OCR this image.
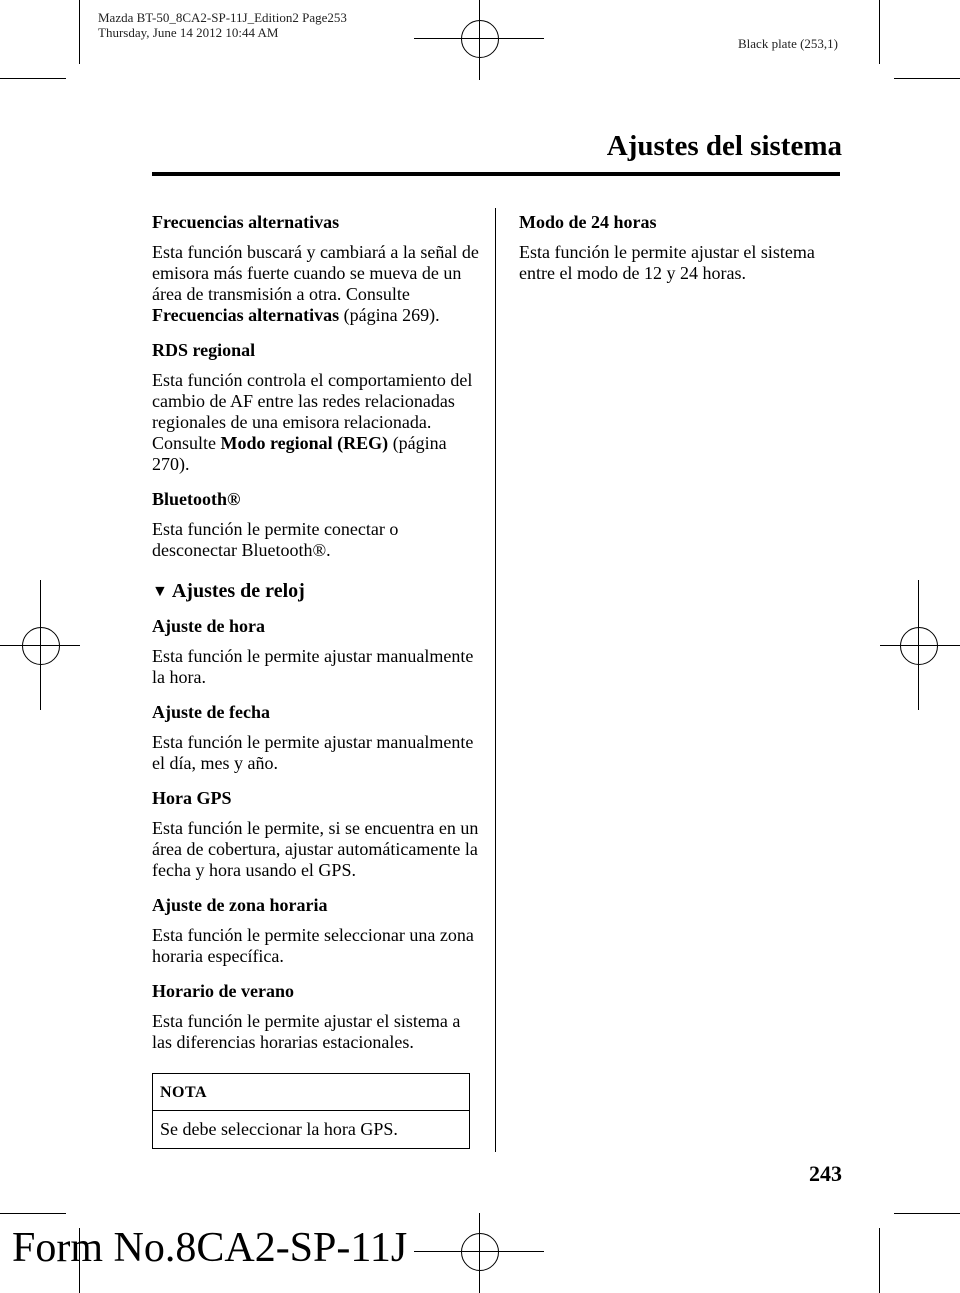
Mazda BT-50_8CA2-SP-11J_Edition2 Page253
Thursday, June 14 2012 10:44 AM
Black plate (253,1)
Ajustes del sistema
Frecuencias alternativas

Esta función buscará y cambiará a la señal de emisora más fuerte cuando se mueva de un área de transmisión a otra. Consulte Frecuencias alternativas (página 269).

RDS regional

Esta función controla el comportamiento del cambio de AF entre las redes relacionadas regionales de una emisora relacionada. Consulte Modo regional (REG) (página 270).

Bluetooth®

Esta función le permite conectar o desconectar Bluetooth®.

▼ Ajustes de reloj
Ajuste de hora

Esta función le permite ajustar manualmente la hora.

Ajuste de fecha

Esta función le permite ajustar manualmente el día, mes y año.

Hora GPS

Esta función le permite, si se encuentra en un área de cobertura, ajustar automáticamente la fecha y hora usando el GPS.

Ajuste de zona horaria

Esta función le permite seleccionar una zona horaria específica.

Horario de verano

Esta función le permite ajustar el sistema a las diferencias horarias estacionales.

NOTA
Se debe seleccionar la hora GPS.
Modo de 24 horas

Esta función le permite ajustar el sistema entre el modo de 12 y 24 horas.

243
Form No.8CA2-SP-11J
